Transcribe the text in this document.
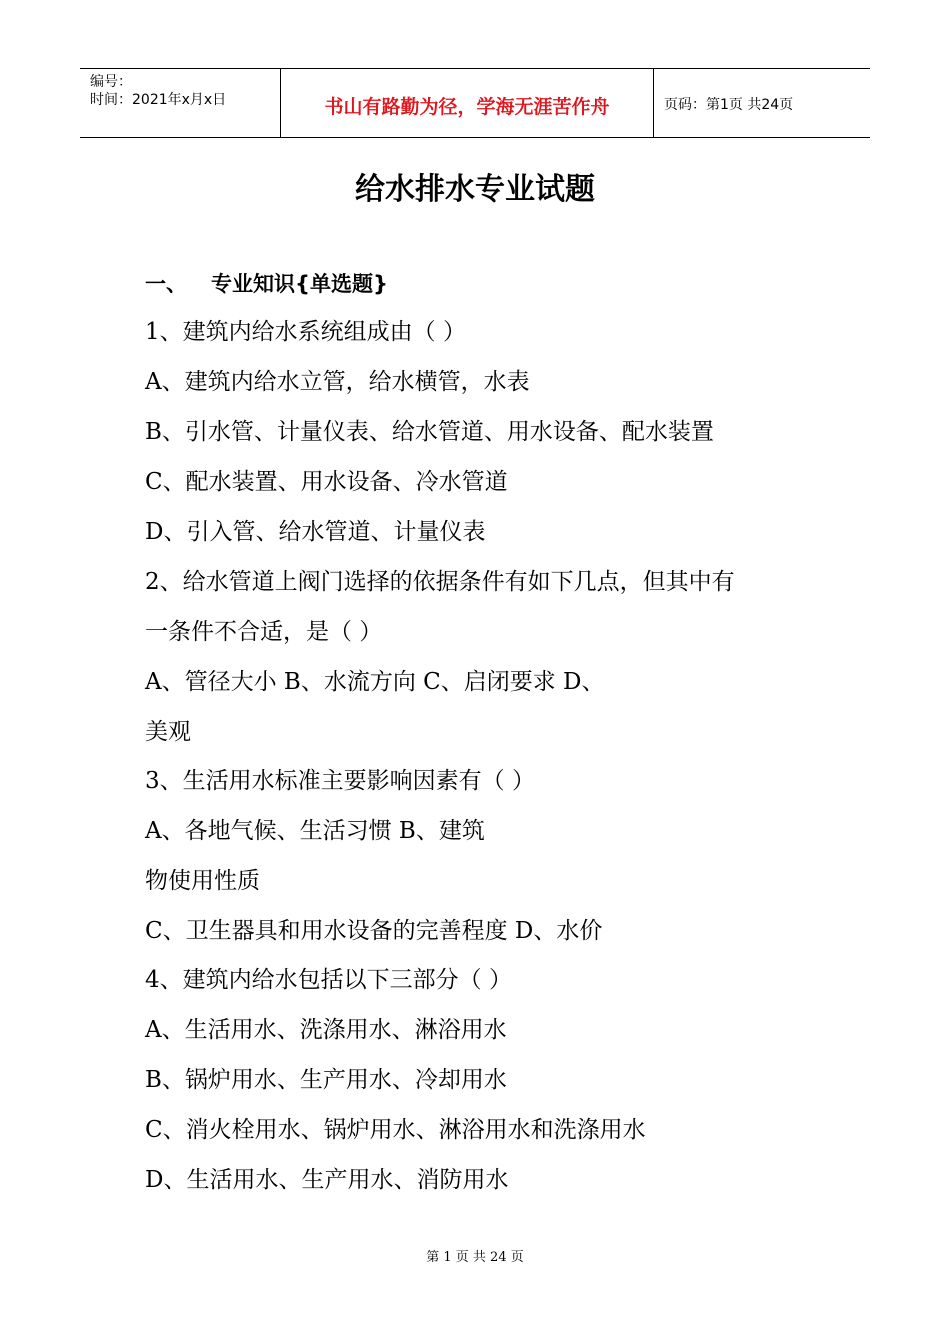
编号：
时间：2021年x月x日	书山有路勤为径，学海无涯苦作舟	页码：第1页 共24页
给水排水专业试题
一、 专业知识{单选题}
1、建筑内给水系统组成由（ ）
A、建筑内给水立管，给水横管，水表
B、引水管、计量仪表、给水管道、用水设备、配水装置
C、配水装置、用水设备、冷水管道
D、引入管、给水管道、计量仪表
2、给水管道上阀门选择的依据条件有如下几点，但其中有
一条件不合适，是（ ）
A、管径大小 B、水流方向 C、启闭要求 D、
美观
3、生活用水标准主要影响因素有（ ）
A、各地气候、生活习惯 B、建筑
物使用性质
C、卫生器具和用水设备的完善程度 D、水价
4、建筑内给水包括以下三部分（ ）
A、生活用水、洗涤用水、淋浴用水
B、锅炉用水、生产用水、冷却用水
C、消火栓用水、锅炉用水、淋浴用水和洗涤用水
D、生活用水、生产用水、消防用水
第 1 页 共 24 页
